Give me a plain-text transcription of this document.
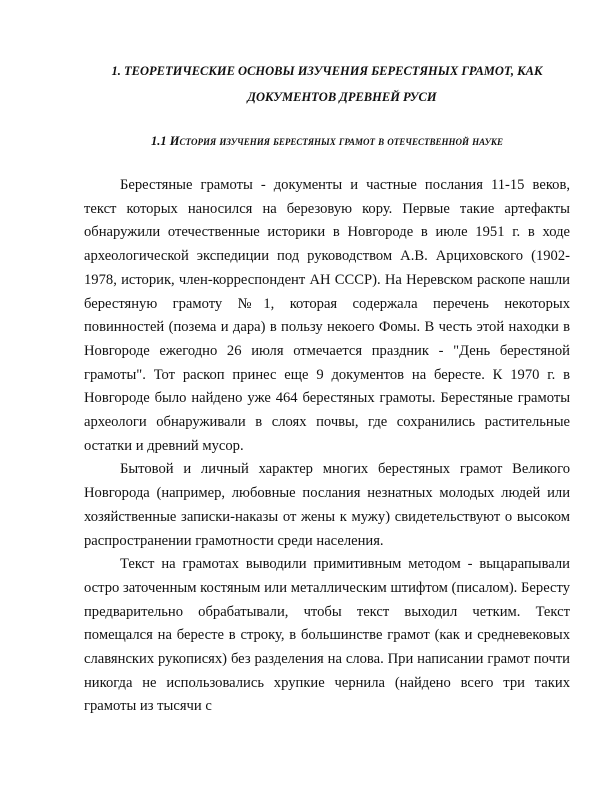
1. ТЕОРЕТИЧЕСКИЕ ОСНОВЫ ИЗУЧЕНИЯ БЕРЕСТЯНЫХ ГРАМОТ, КАК
ДОКУМЕНТОВ ДРЕВНЕЙ РУСИ
1.1 История изучения берестяных грамот в отечественной науке

Берестяные грамоты - документы и частные послания 11-15 веков, текст которых наносился на березовую кору. Первые такие артефакты обнаружили отечественные историки в Новгороде в июле 1951 г. в ходе археологической экспедиции под руководством А.В. Арциховского (1902-1978, историк, член-корреспондент АН СССР). На Неревском раскопе нашли берестяную грамоту №1, которая содержала перечень некоторых повинностей (позема и дара) в пользу некоего Фомы. В честь этой находки в Новгороде ежегодно 26 июля отмечается праздник - "День берестяной грамоты". Тот раскоп принес еще 9 документов на бересте. К 1970 г. в Новгороде было найдено уже 464 берестяных грамоты. Берестяные грамоты археологи обнаруживали в слоях почвы, где сохранились растительные остатки и древний мусор.

Бытовой и личный характер многих берестяных грамот Великого Новгорода (например, любовные послания незнатных молодых людей или хозяйственные записки-наказы от жены к мужу) свидетельствуют о высоком распространении грамотности среди населения.

Текст на грамотах выводили примитивным методом - выцарапывали остро заточенным костяным или металлическим штифтом (писалом). Бересту предварительно обрабатывали, чтобы текст выходил четким. Текст помещался на бересте в строку, в большинстве грамот (как и средневековых славянских рукописях) без разделения на слова. При написании грамот почти никогда не использовались хрупкие чернила (найдено всего три таких грамоты из тысячи с
